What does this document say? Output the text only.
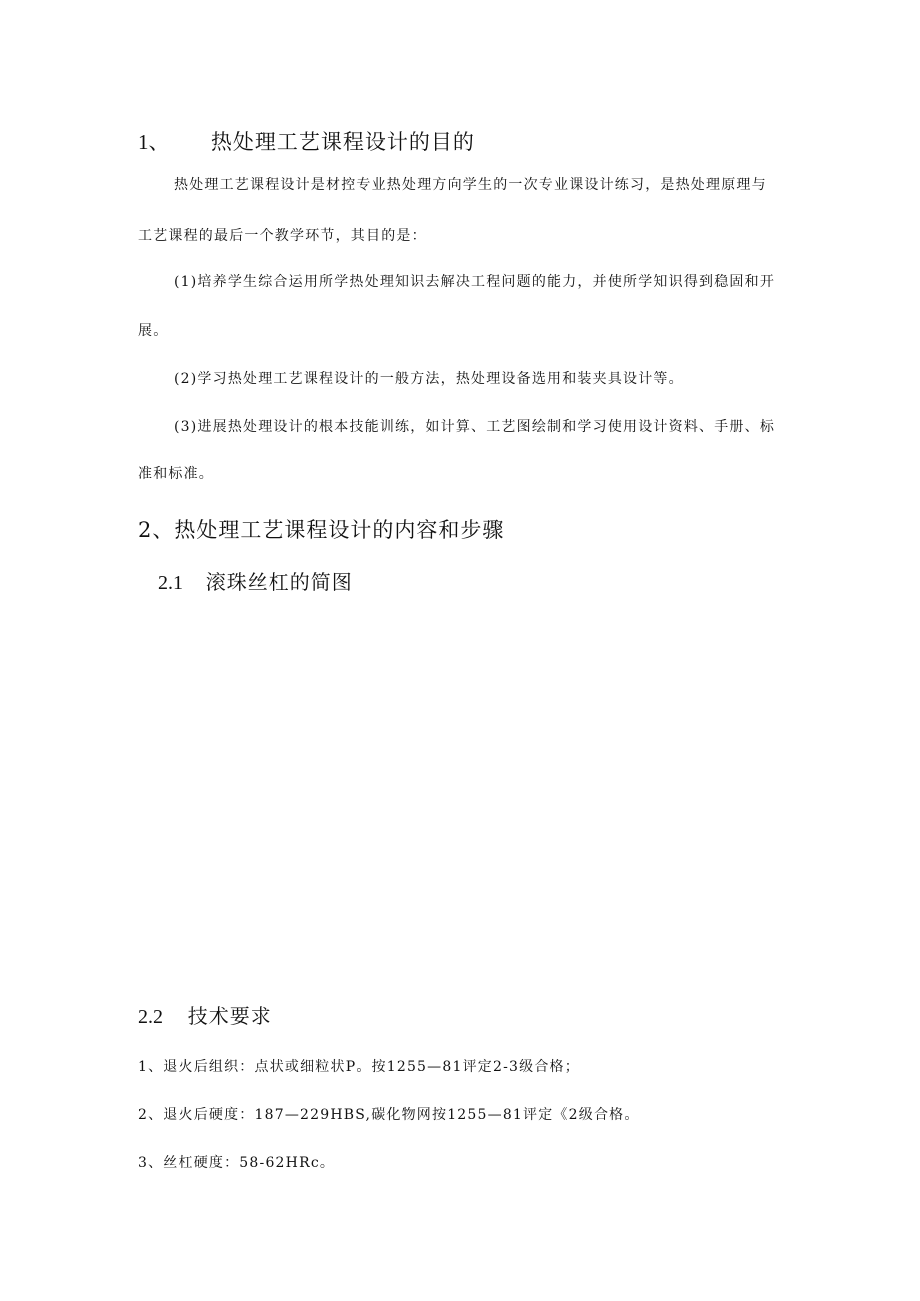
1、 热处理工艺课程设计的目的

热处理工艺课程设计是材控专业热处理方向学生的一次专业课设计练习，是热处理原理与

工艺课程的最后一个教学环节，其目的是：

(1)培养学生综合运用所学热处理知识去解决工程问题的能力，并使所学知识得到稳固和开

展。

(2)学习热处理工艺课程设计的一般方法，热处理设备选用和装夹具设计等。

(3)进展热处理设计的根本技能训练，如计算、工艺图绘制和学习使用设计资料、手册、标

准和标准。

2、热处理工艺课程设计的内容和步骤
2.1 滚珠丝杠的简图
2.2 技术要求

1、退火后组织：点状或细粒状P。按1255—81评定2-3级合格；

2、退火后硬度：187—229HBS,碳化物网按1255—81评定《2级合格。

3、丝杠硬度：58-62HRc。
